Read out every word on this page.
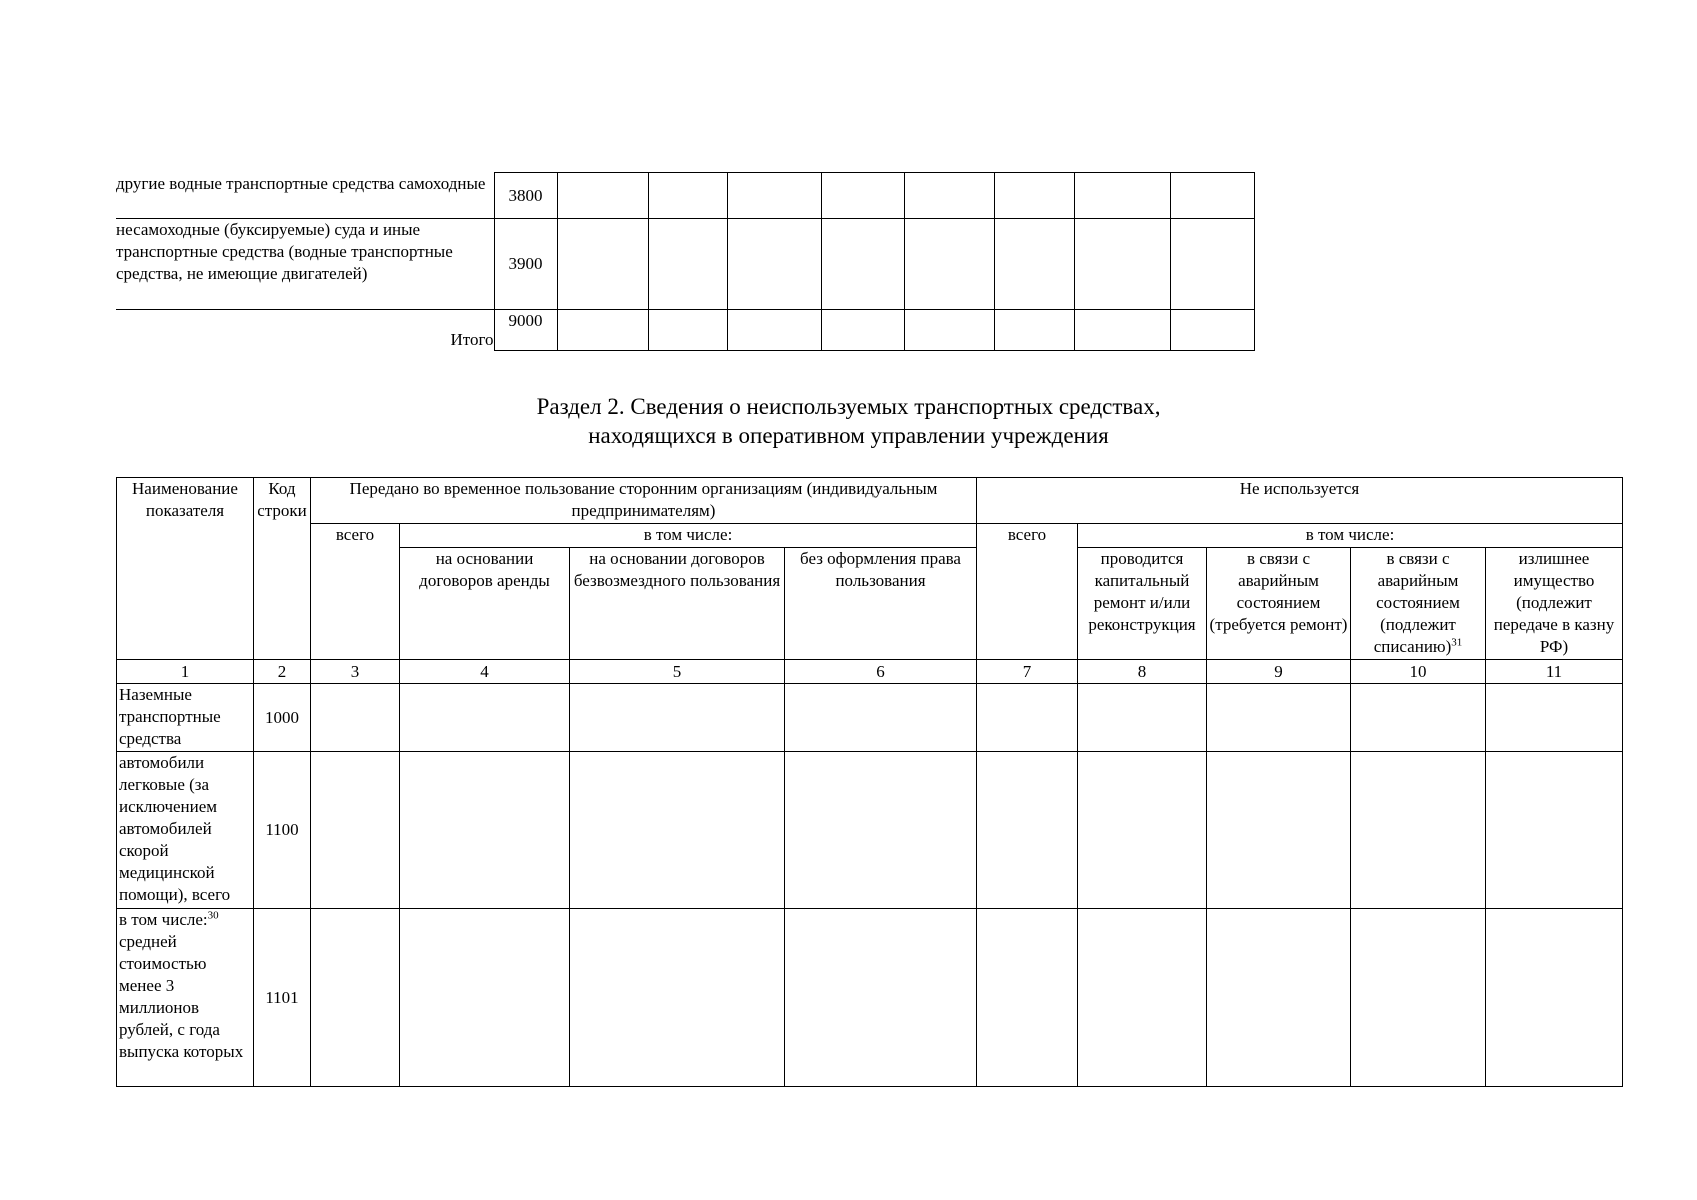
другие водные транспортные средства самоходные	3800								
несамоходные (буксируемые) суда и иные транспортные средства (водные транспортные средства, не имеющие двигателей)	3900								
Итого	9000								
Раздел 2. Сведения о неиспользуемых транспортных средствах,
находящихся в оперативном управлении учреждения
Наименование показателя	Код строки	Передано во временное пользование сторонним организациям (индивидуальным предпринимателям)				Не используется				
		всего	в том числе:			всего	в том числе:			
			на основании договоров аренды	на основании договоров безвозмездного пользования	без оформления права пользования		проводится капитальный ремонт и/или реконструкция	в связи с аварийным состоянием (требуется ремонт)	в связи с аварийным состоянием (подлежит списанию)$^{31}$	излишнее имущество (подлежит передаче в казну РФ)
1	2	3	4	5	6	7	8	9	10	11
Наземные транспортные средства	1000									
автомобили легковые (за исключением автомобилей скорой медицинской помощи), всего	1100									
в том числе:$^{30}$ средней стоимостью менее 3 миллионов рублей, с года выпуска которых	1101									
